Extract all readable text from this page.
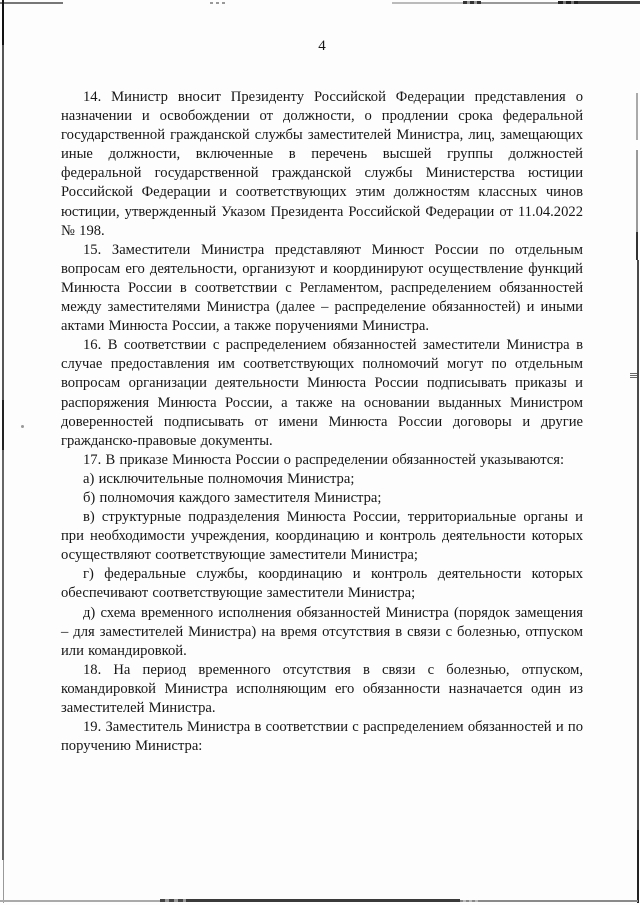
4

14. Министр вносит Президенту Российской Федерации представления о назначении и освобождении от должности, о продлении срока федеральной государственной гражданской службы заместителей Министра, лиц, замещающих иные должности, включенные в перечень высшей группы должностей федеральной государственной гражданской службы Министерства юстиции Российской Федерации и соответствующих этим должностям классных чинов юстиции, утвержденный Указом Президента Российской Федерации от 11.04.2022 № 198.

15. Заместители Министра представляют Минюст России по отдельным вопросам его деятельности, организуют и координируют осуществление функций Минюста России в соответствии с Регламентом, распределением обязанностей между заместителями Министра (далее – распределение обязанностей) и иными актами Минюста России, а также поручениями Министра.

16. В соответствии с распределением обязанностей заместители Министра в случае предоставления им соответствующих полномочий могут по отдельным вопросам организации деятельности Минюста России подписывать приказы и распоряжения Минюста России, а также на основании выданных Министром доверенностей подписывать от имени Минюста России договоры и другие гражданско-правовые документы.

17. В приказе Минюста России о распределении обязанностей указываются:

а) исключительные полномочия Министра;

б) полномочия каждого заместителя Министра;

в) структурные подразделения Минюста России, территориальные органы и при необходимости учреждения, координацию и контроль деятельности которых осуществляют соответствующие заместители Министра;

г) федеральные службы, координацию и контроль деятельности которых обеспечивают соответствующие заместители Министра;

д) схема временного исполнения обязанностей Министра (порядок замещения – для заместителей Министра) на время отсутствия в связи с болезнью, отпуском или командировкой.

18. На период временного отсутствия в связи с болезнью, отпуском, командировкой Министра исполняющим его обязанности назначается один из заместителей Министра.

19. Заместитель Министра в соответствии с распределением обязанностей и по поручению Министра:
